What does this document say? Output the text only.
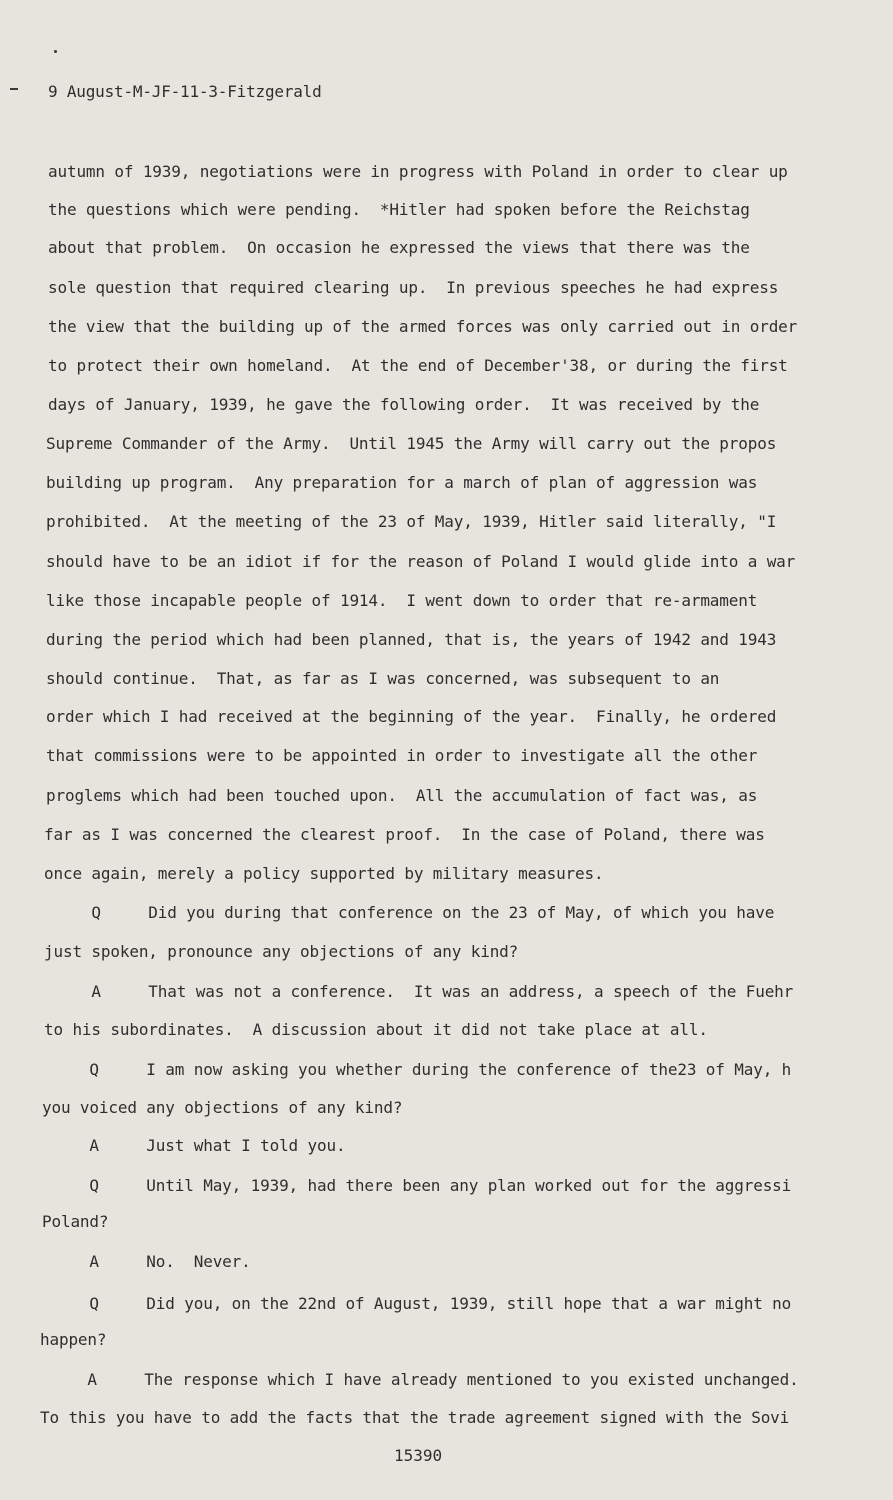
9 August-M-JF-11-3-Fitzgerald
autumn of 1939, negotiations were in progress with Poland in order to clear up
the questions which were pending.  *Hitler had spoken before the Reichstag
about that problem.  On occasion he expressed the views that there was the
sole question that required clearing up.  In previous speeches he had express
the view that the building up of the armed forces was only carried out in order
to protect their own homeland.  At the end of December'38, or during the first
days of January, 1939, he gave the following order.  It was received by the
Supreme Commander of the Army.  Until 1945 the Army will carry out the propos
building up program.  Any preparation for a march of plan of aggression was
prohibited.  At the meeting of the 23 of May, 1939, Hitler said literally, "I
should have to be an idiot if for the reason of Poland I would glide into a war
like those incapable people of 1914.  I went down to order that re-armament
during the period which had been planned, that is, the years of 1942 and 1943
should continue.  That, as far as I was concerned, was subsequent to an
order which I had received at the beginning of the year.  Finally, he ordered
that commissions were to be appointed in order to investigate all the other
proglems which had been touched upon.  All the accumulation of fact was, as
far as I was concerned the clearest proof.  In the case of Poland, there was
once again, merely a policy supported by military measures.
Q     Did you during that conference on the 23 of May, of which you have
just spoken, pronounce any objections of any kind?
A     That was not a conference.  It was an address, a speech of the Fuehr
to his subordinates.  A discussion about it did not take place at all.
Q     I am now asking you whether during the conference of the23 of May, h
you voiced any objections of any kind?
A     Just what I told you.
Q     Until May, 1939, had there been any plan worked out for the aggressi
Poland?
A     No.  Never.
Q     Did you, on the 22nd of August, 1939, still hope that a war might no
happen?
A     The response which I have already mentioned to you existed unchanged.
To this you have to add the facts that the trade agreement signed with the Sovi
15390
